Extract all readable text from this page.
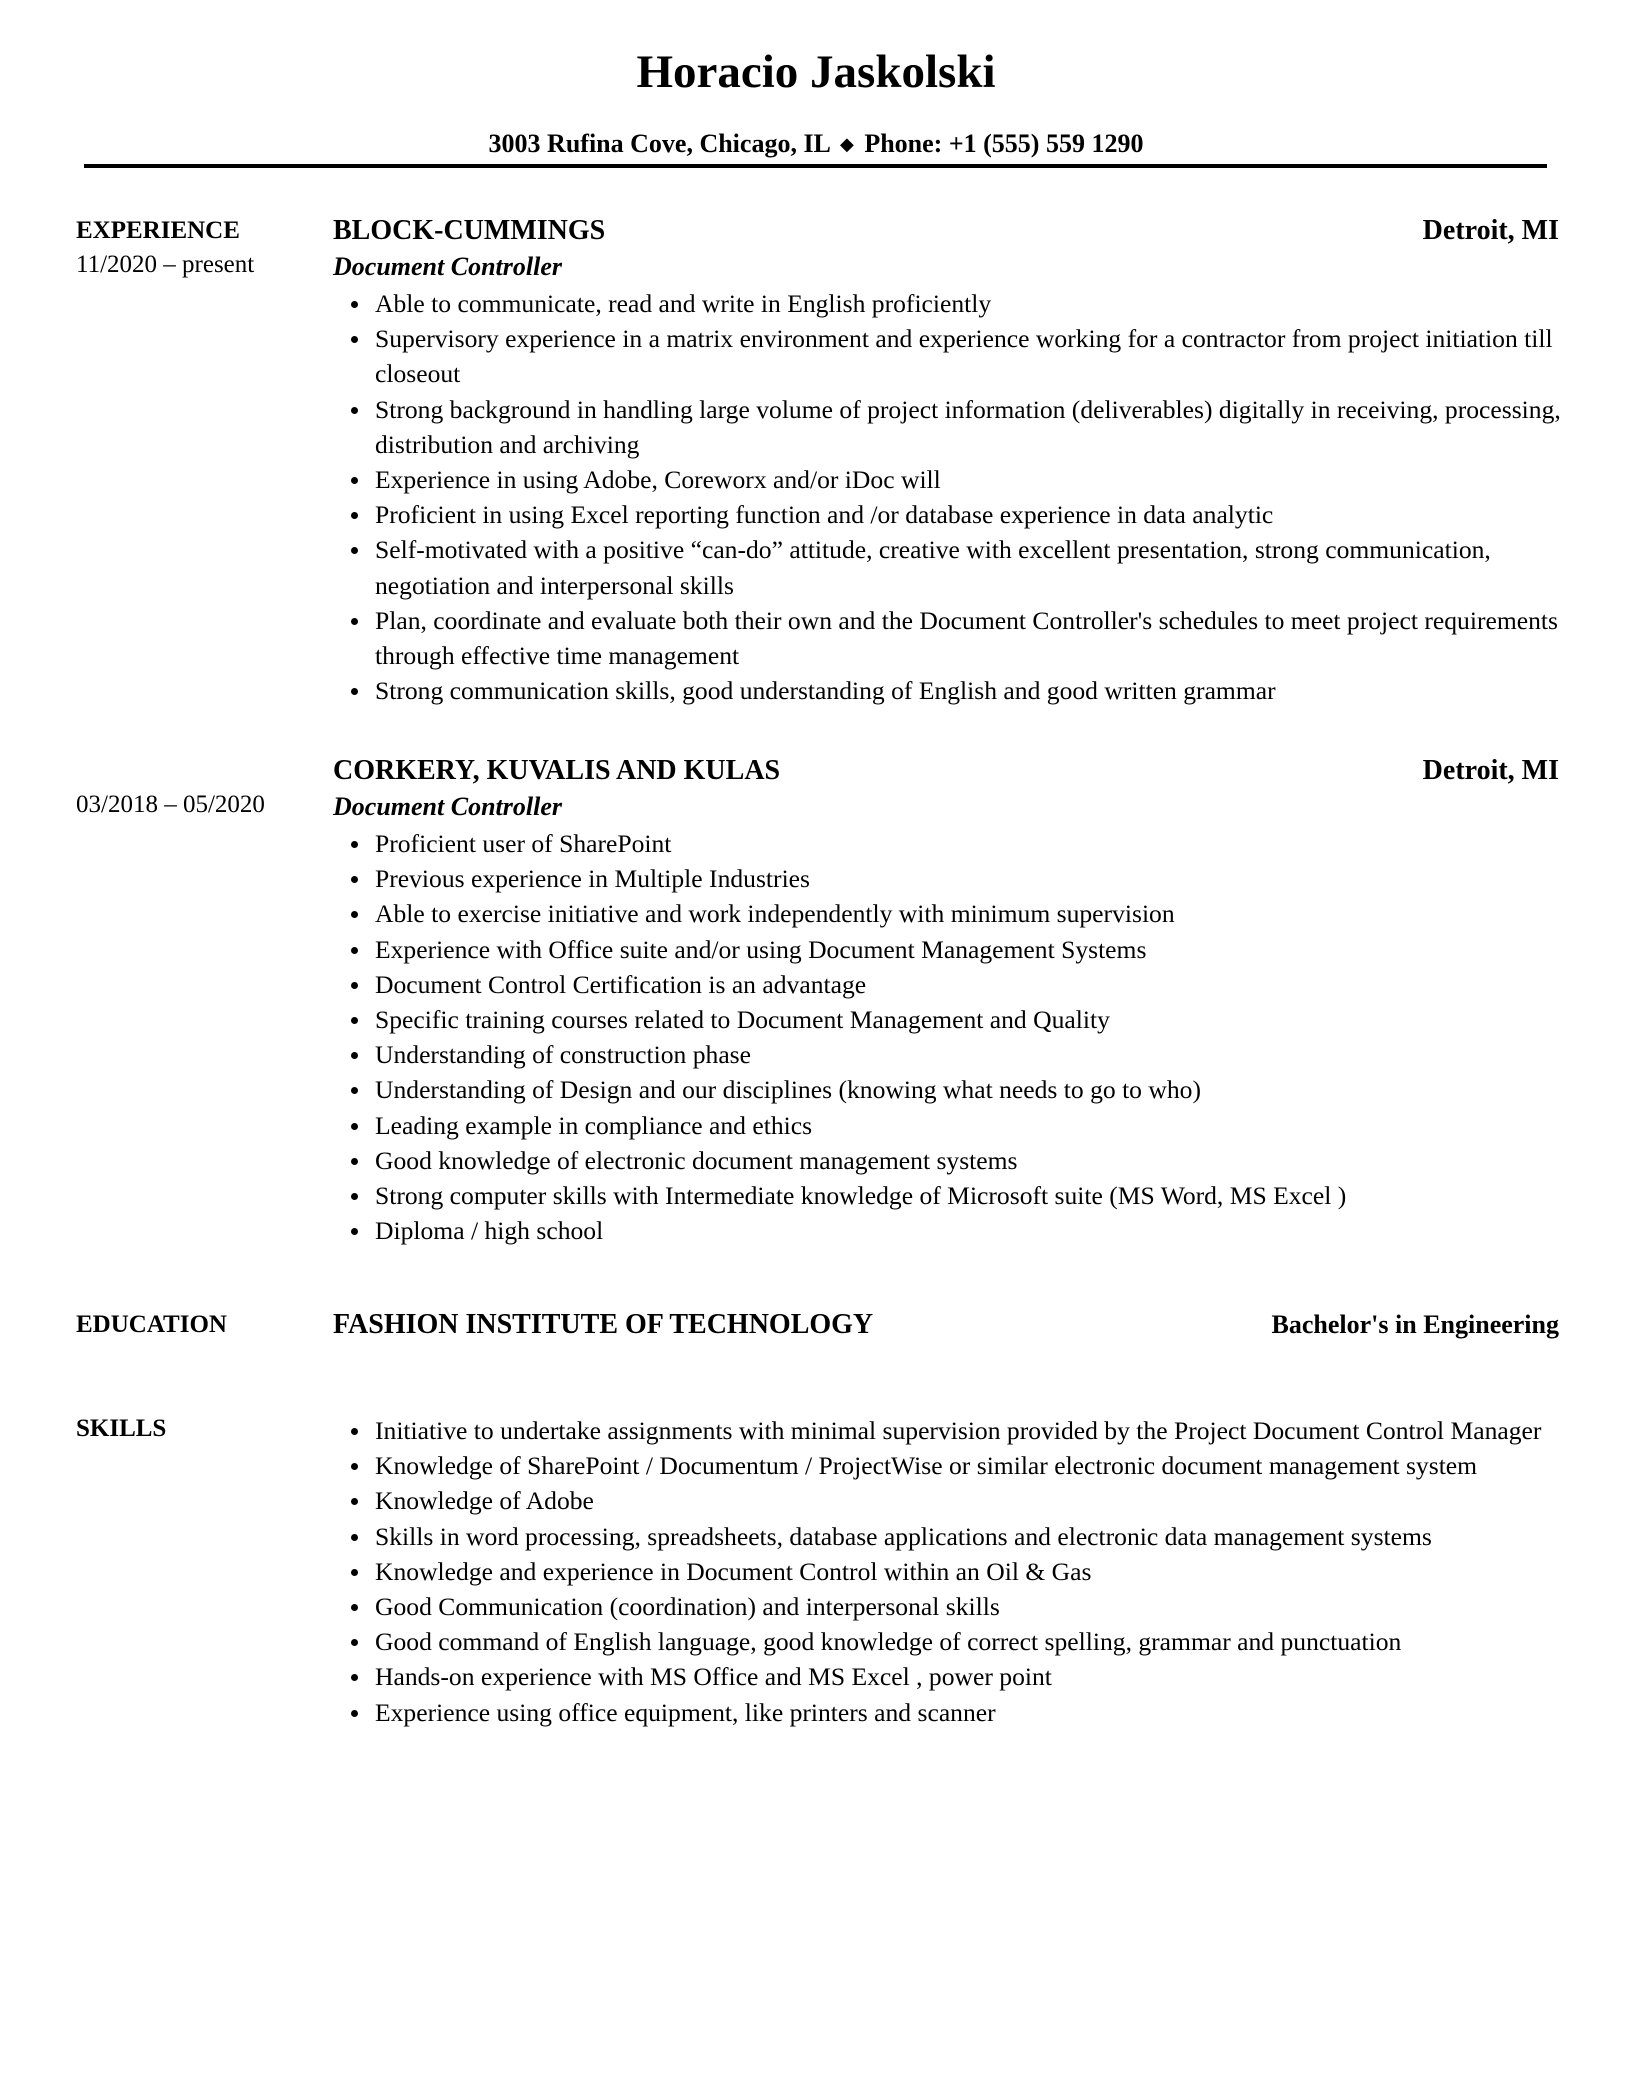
Horacio Jaskolski
3003 Rufina Cove, Chicago, IL ◆ Phone: +1 (555) 559 1290
EXPERIENCE
11/2020 – present
BLOCK-CUMMINGS	Detroit, MI
Document Controller
Able to communicate, read and write in English proficiently
Supervisory experience in a matrix environment and experience working for a contractor from project initiation till closeout
Strong background in handling large volume of project information (deliverables) digitally in receiving, processing, distribution and archiving
Experience in using Adobe, Coreworx and/or iDoc will
Proficient in using Excel reporting function and /or database experience in data analytic
Self-motivated with a positive “can-do” attitude, creative with excellent presentation, strong communication, negotiation and interpersonal skills
Plan, coordinate and evaluate both their own and the Document Controller's schedules to meet project requirements through effective time management
Strong communication skills, good understanding of English and good written grammar
03/2018 – 05/2020
CORKERY, KUVALIS AND KULAS	Detroit, MI
Document Controller
Proficient user of SharePoint
Previous experience in Multiple Industries
Able to exercise initiative and work independently with minimum supervision
Experience with Office suite and/or using Document Management Systems
Document Control Certification is an advantage
Specific training courses related to Document Management and Quality
Understanding of construction phase
Understanding of Design and our disciplines (knowing what needs to go to who)
Leading example in compliance and ethics
Good knowledge of electronic document management systems
Strong computer skills with Intermediate knowledge of Microsoft suite (MS Word, MS Excel )
Diploma / high school
EDUCATION	FASHION INSTITUTE OF TECHNOLOGY	Bachelor's in Engineering
SKILLS	Initiative to undertake assignments with minimal supervision provided by the Project Document Control Manager
Knowledge of SharePoint / Documentum / ProjectWise or similar electronic document management system
Knowledge of Adobe
Skills in word processing, spreadsheets, database applications and electronic data management systems
Knowledge and experience in Document Control within an Oil & Gas
Good Communication (coordination) and interpersonal skills
Good command of English language, good knowledge of correct spelling, grammar and punctuation
Hands-on experience with MS Office and MS Excel , power point
Experience using office equipment, like printers and scanner
